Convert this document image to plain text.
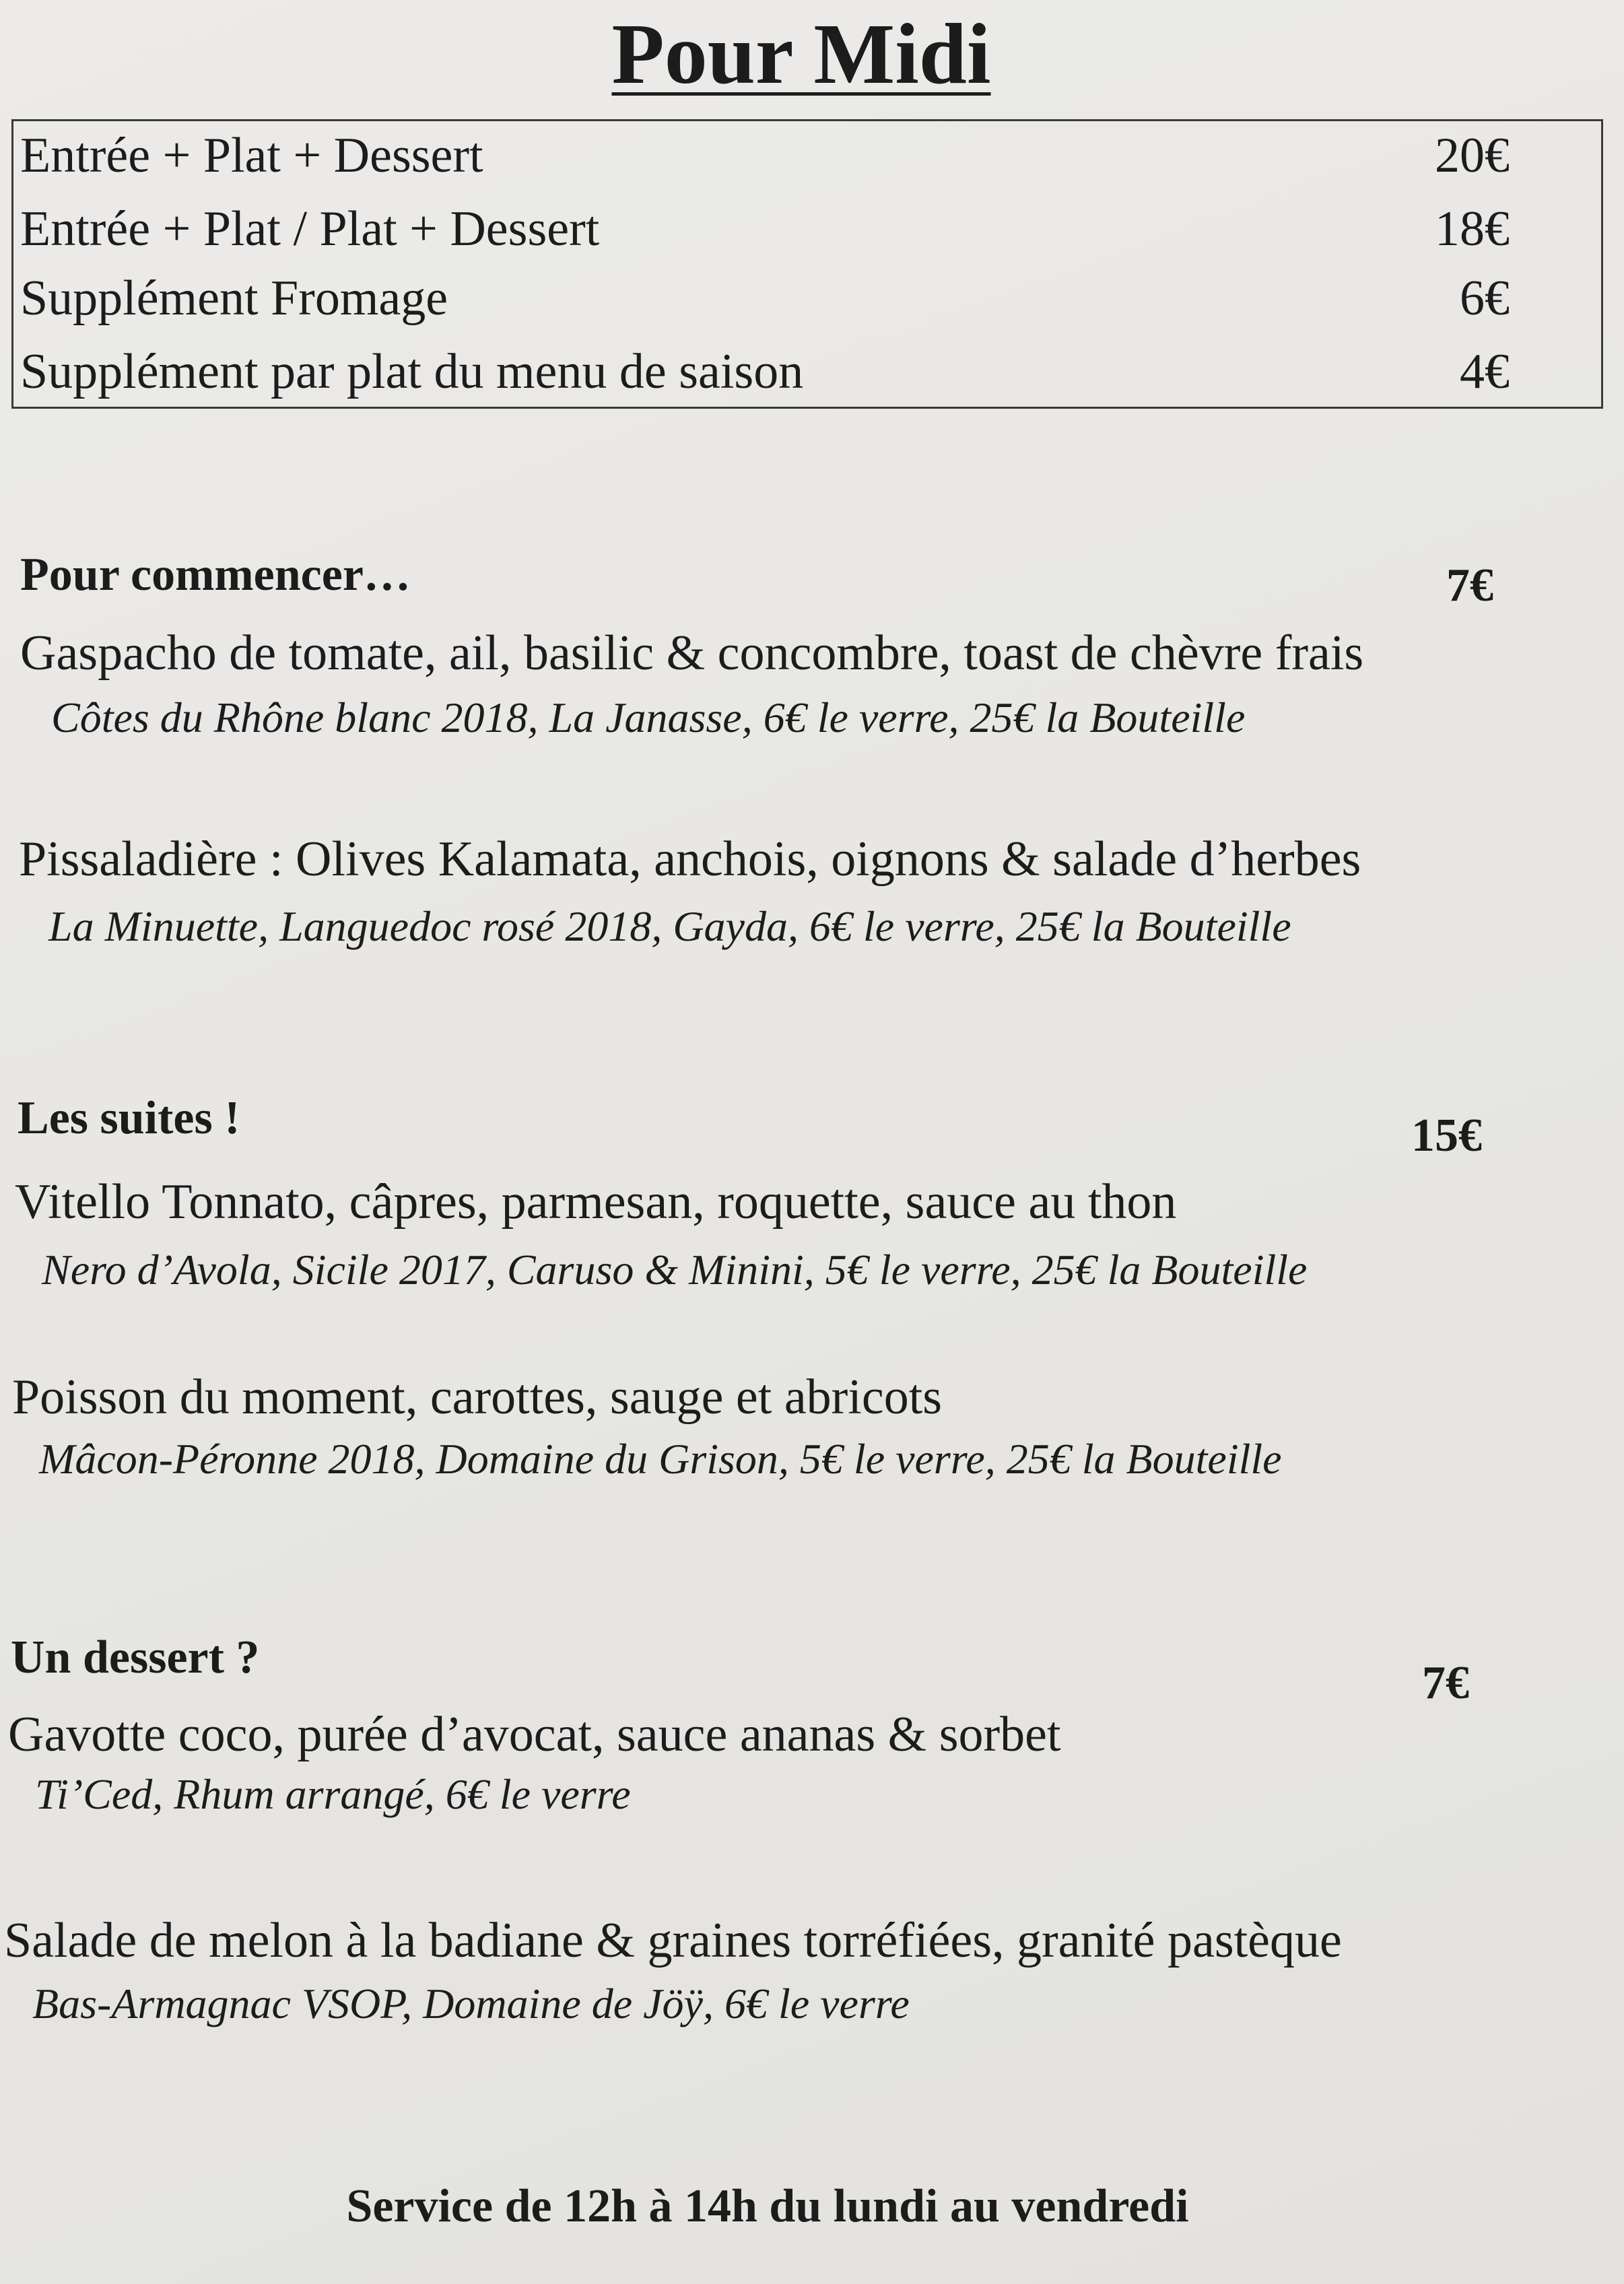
Pour Midi
Entrée + Plat + Dessert	20€
Entrée + Plat / Plat + Dessert	18€
Supplément Fromage	6€
Supplément par plat du menu de saison	4€
Pour commencer…	7€
Gaspacho de tomate, ail, basilic & concombre, toast de chèvre frais
Côtes du Rhône blanc 2018, La Janasse, 6€ le verre, 25€ la Bouteille
Pissaladière : Olives Kalamata, anchois, oignons & salade d’herbes
La Minuette, Languedoc rosé 2018, Gayda, 6€ le verre, 25€ la Bouteille
Les suites !	15€
Vitello Tonnato, câpres, parmesan, roquette, sauce au thon
Nero d’Avola, Sicile 2017, Caruso & Minini, 5€ le verre, 25€ la Bouteille
Poisson du moment, carottes, sauge et abricots
Mâcon-Péronne 2018, Domaine du Grison, 5€ le verre, 25€ la Bouteille
Un dessert ?	7€
Gavotte coco, purée d’avocat, sauce ananas & sorbet
Ti’Ced, Rhum arrangé, 6€ le verre
Salade de melon à la badiane & graines torréfiées, granité pastèque
Bas-Armagnac VSOP, Domaine de Jöÿ, 6€ le verre
Service de 12h à 14h du lundi au vendredi
